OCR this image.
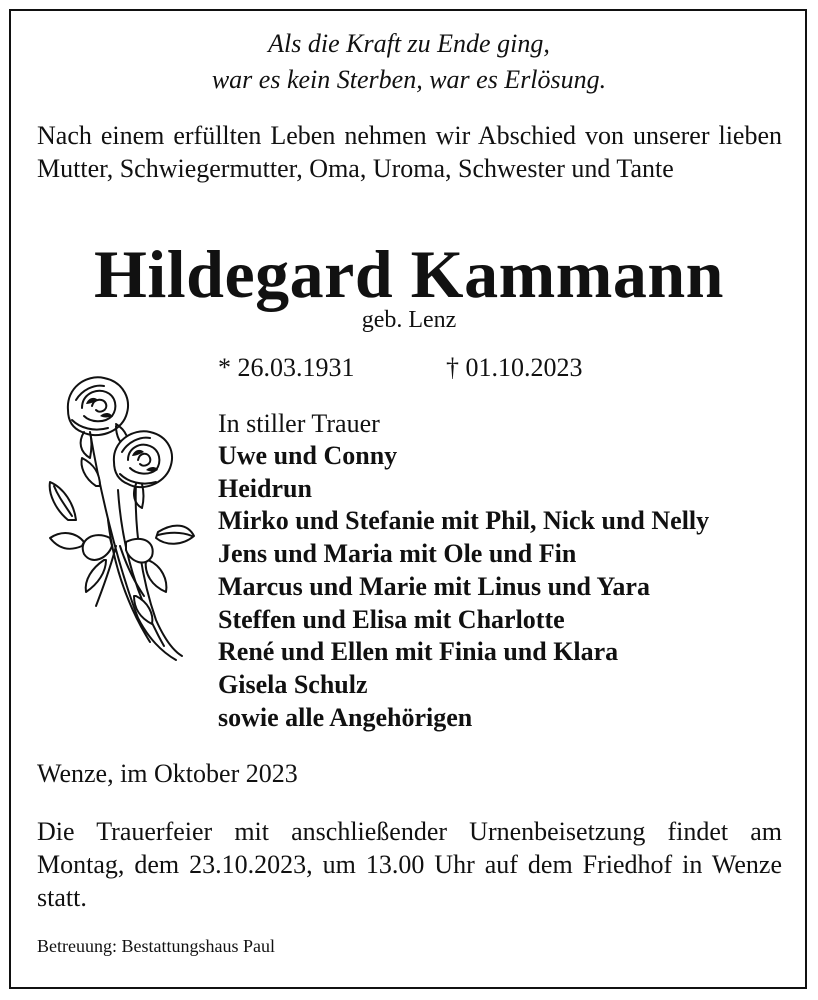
Als die Kraft zu Ende ging,
war es kein Sterben, war es Erlösung.
Nach einem erfüllten Leben nehmen wir Abschied von unserer lieben Mutter, Schwiegermutter, Oma, Uroma, Schwester und Tante
Hildegard Kammann
geb. Lenz
* 26.03.1931	† 01.10.2023
In stiller Trauer
Uwe und Conny
Heidrun
Mirko und Stefanie mit Phil, Nick und Nelly
Jens und Maria mit Ole und Fin
Marcus und Marie mit Linus und Yara
Steffen und Elisa mit Charlotte
René und Ellen mit Finia und Klara
Gisela Schulz
sowie alle Angehörigen
Wenze, im Oktober 2023
Die Trauerfeier mit anschließender Urnenbeisetzung findet am Montag, dem 23.10.2023, um 13.00 Uhr auf dem Friedhof in Wenze statt.
Betreuung: Bestattungshaus Paul
